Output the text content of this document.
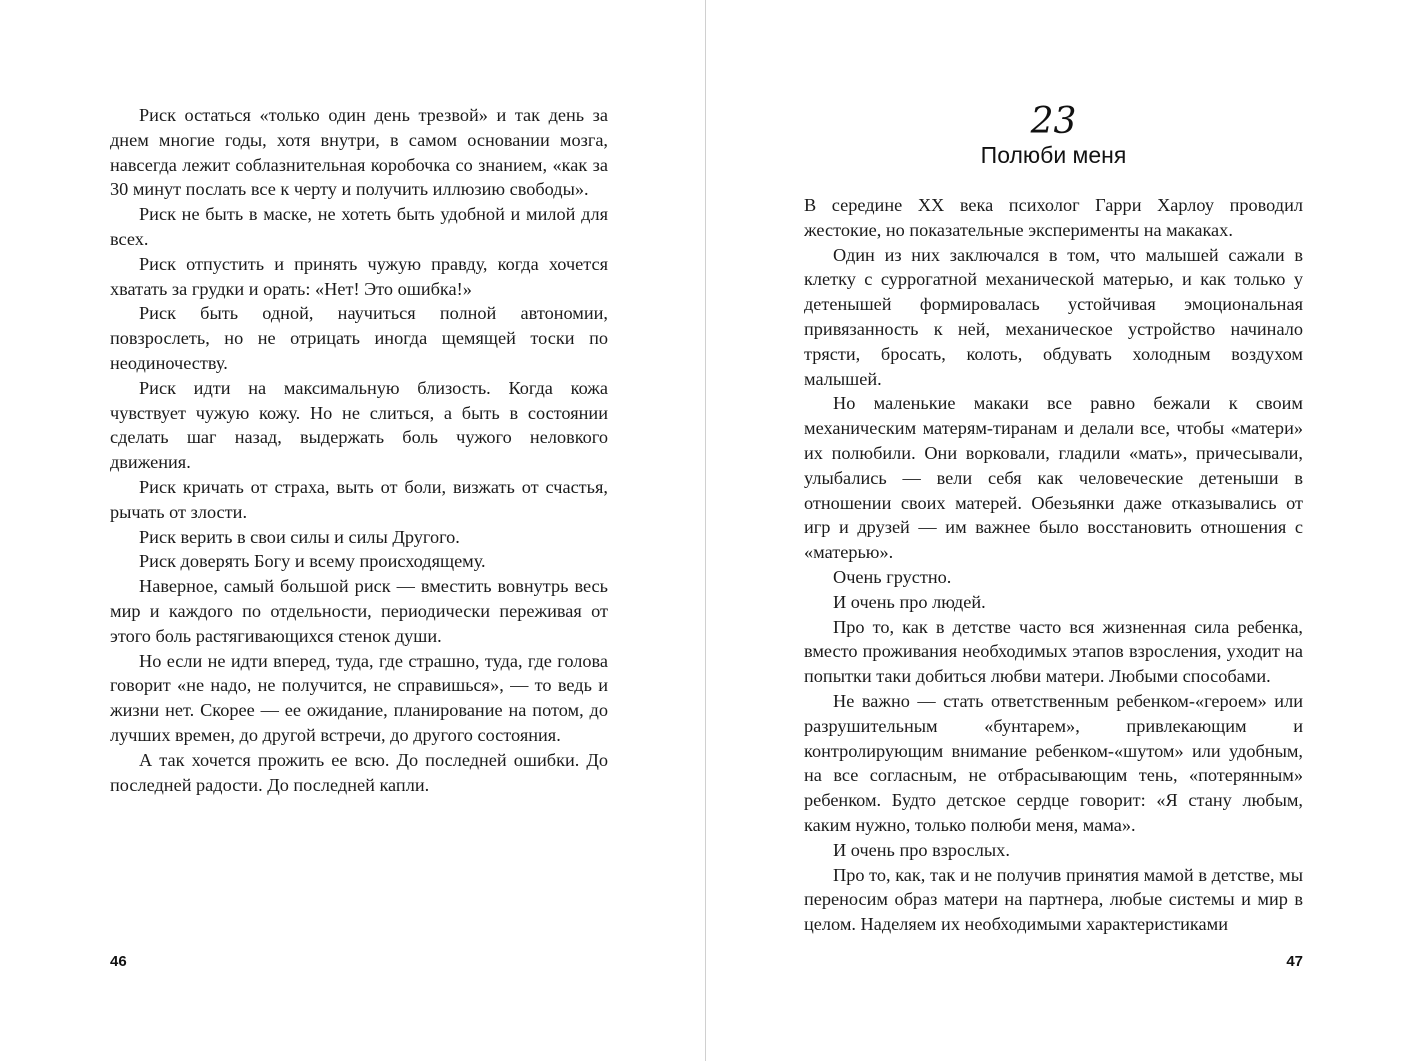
Риск остаться «только один день трезвой» и так день за днем многие годы, хотя внутри, в самом основании мозга, навсегда лежит соблазнительная коробочка со знанием, «как за 30 минут послать все к черту и получить иллюзию свободы».

Риск не быть в маске, не хотеть быть удобной и милой для всех.

Риск отпустить и принять чужую правду, когда хочется хватать за грудки и орать: «Нет! Это ошибка!»

Риск быть одной, научиться полной автономии, повзрослеть, но не отрицать иногда щемящей тоски по неодиночеству.

Риск идти на максимальную близость. Когда кожа чувствует чужую кожу. Но не слиться, а быть в состоянии сделать шаг назад, выдержать боль чужого неловкого движения.

Риск кричать от страха, выть от боли, визжать от счастья, рычать от злости.

Риск верить в свои силы и силы Другого.

Риск доверять Богу и всему происходящему.

Наверное, самый большой риск — вместить вовнутрь весь мир и каждого по отдельности, периодически переживая от этого боль растягивающихся стенок души.

Но если не идти вперед, туда, где страшно, туда, где голова говорит «не надо, не получится, не справишься», — то ведь и жизни нет. Скорее — ее ожидание, планирование на потом, до лучших времен, до другой встречи, до другого состояния.

А так хочется прожить ее всю. До последней ошибки. До последней радости. До последней капли.

46
23
Полюби меня

В середине XX века психолог Гарри Харлоу проводил жестокие, но показательные эксперименты на макаках.

Один из них заключался в том, что малышей сажали в клетку с суррогатной механической матерью, и как только у детенышей формировалась устойчивая эмоциональная привязанность к ней, механическое устройство начинало трясти, бросать, колоть, обдувать холодным воздухом малышей.

Но маленькие макаки все равно бежали к своим механическим матерям-тиранам и делали все, чтобы «матери» их полюбили. Они ворковали, гладили «мать», причесывали, улыбались — вели себя как человеческие детеныши в отношении своих матерей. Обезьянки даже отказывались от игр и друзей — им важнее было восстановить отношения с «матерью».

Очень грустно.

И очень про людей.

Про то, как в детстве часто вся жизненная сила ребенка, вместо проживания необходимых этапов взросления, уходит на попытки таки добиться любви матери. Любыми способами.

Не важно — стать ответственным ребенком-«героем» или разрушительным «бунтарем», привлекающим и контролирующим внимание ребенком-«шутом» или удобным, на все согласным, не отбрасывающим тень, «потерянным» ребенком. Будто детское сердце говорит: «Я стану любым, каким нужно, только полюби меня, мама».

И очень про взрослых.

Про то, как, так и не получив принятия мамой в детстве, мы переносим образ матери на партнера, любые системы и мир в целом. Наделяем их необходимыми характеристиками

47
